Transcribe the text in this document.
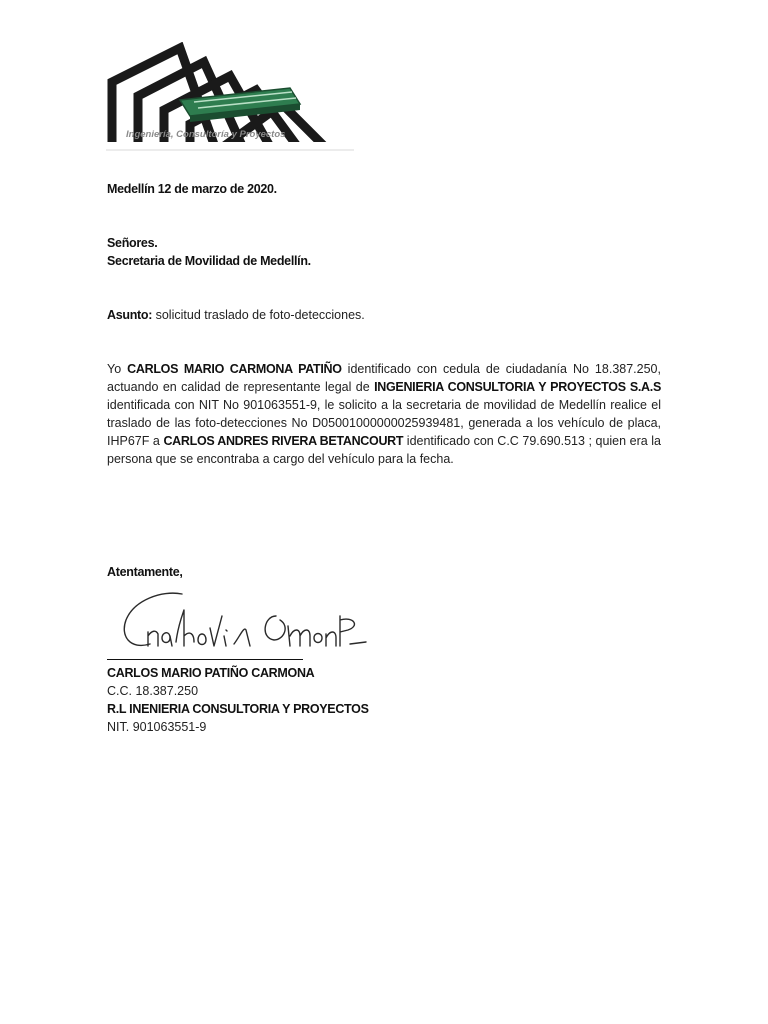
Ingeniería, Consultoría y Proyectos
Medellín 12 de marzo de 2020.
Señores.
Secretaria de Movilidad de Medellín.
Asunto: solicitud traslado de foto-detecciones.
Yo CARLOS MARIO CARMONA PATIÑO identificado con cedula de ciudadanía No 18.387.250, actuando en calidad de representante legal de INGENIERIA CONSULTORIA Y PROYECTOS S.A.S identificada con NIT No 901063551-9, le solicito a la secretaria de movilidad de Medellín realice el traslado de las foto-detecciones No D05001000000025939481, generada a los vehículo de placa, IHP67F a CARLOS ANDRES RIVERA BETANCOURT identificado con C.C 79.690.513 ; quien era la persona que se encontraba a cargo del vehículo para la fecha.
Atentamente,
CARLOS MARIO PATIÑO CARMONA
C.C. 18.387.250
R.L INENIERIA CONSULTORIA Y PROYECTOS
NIT. 901063551-9
